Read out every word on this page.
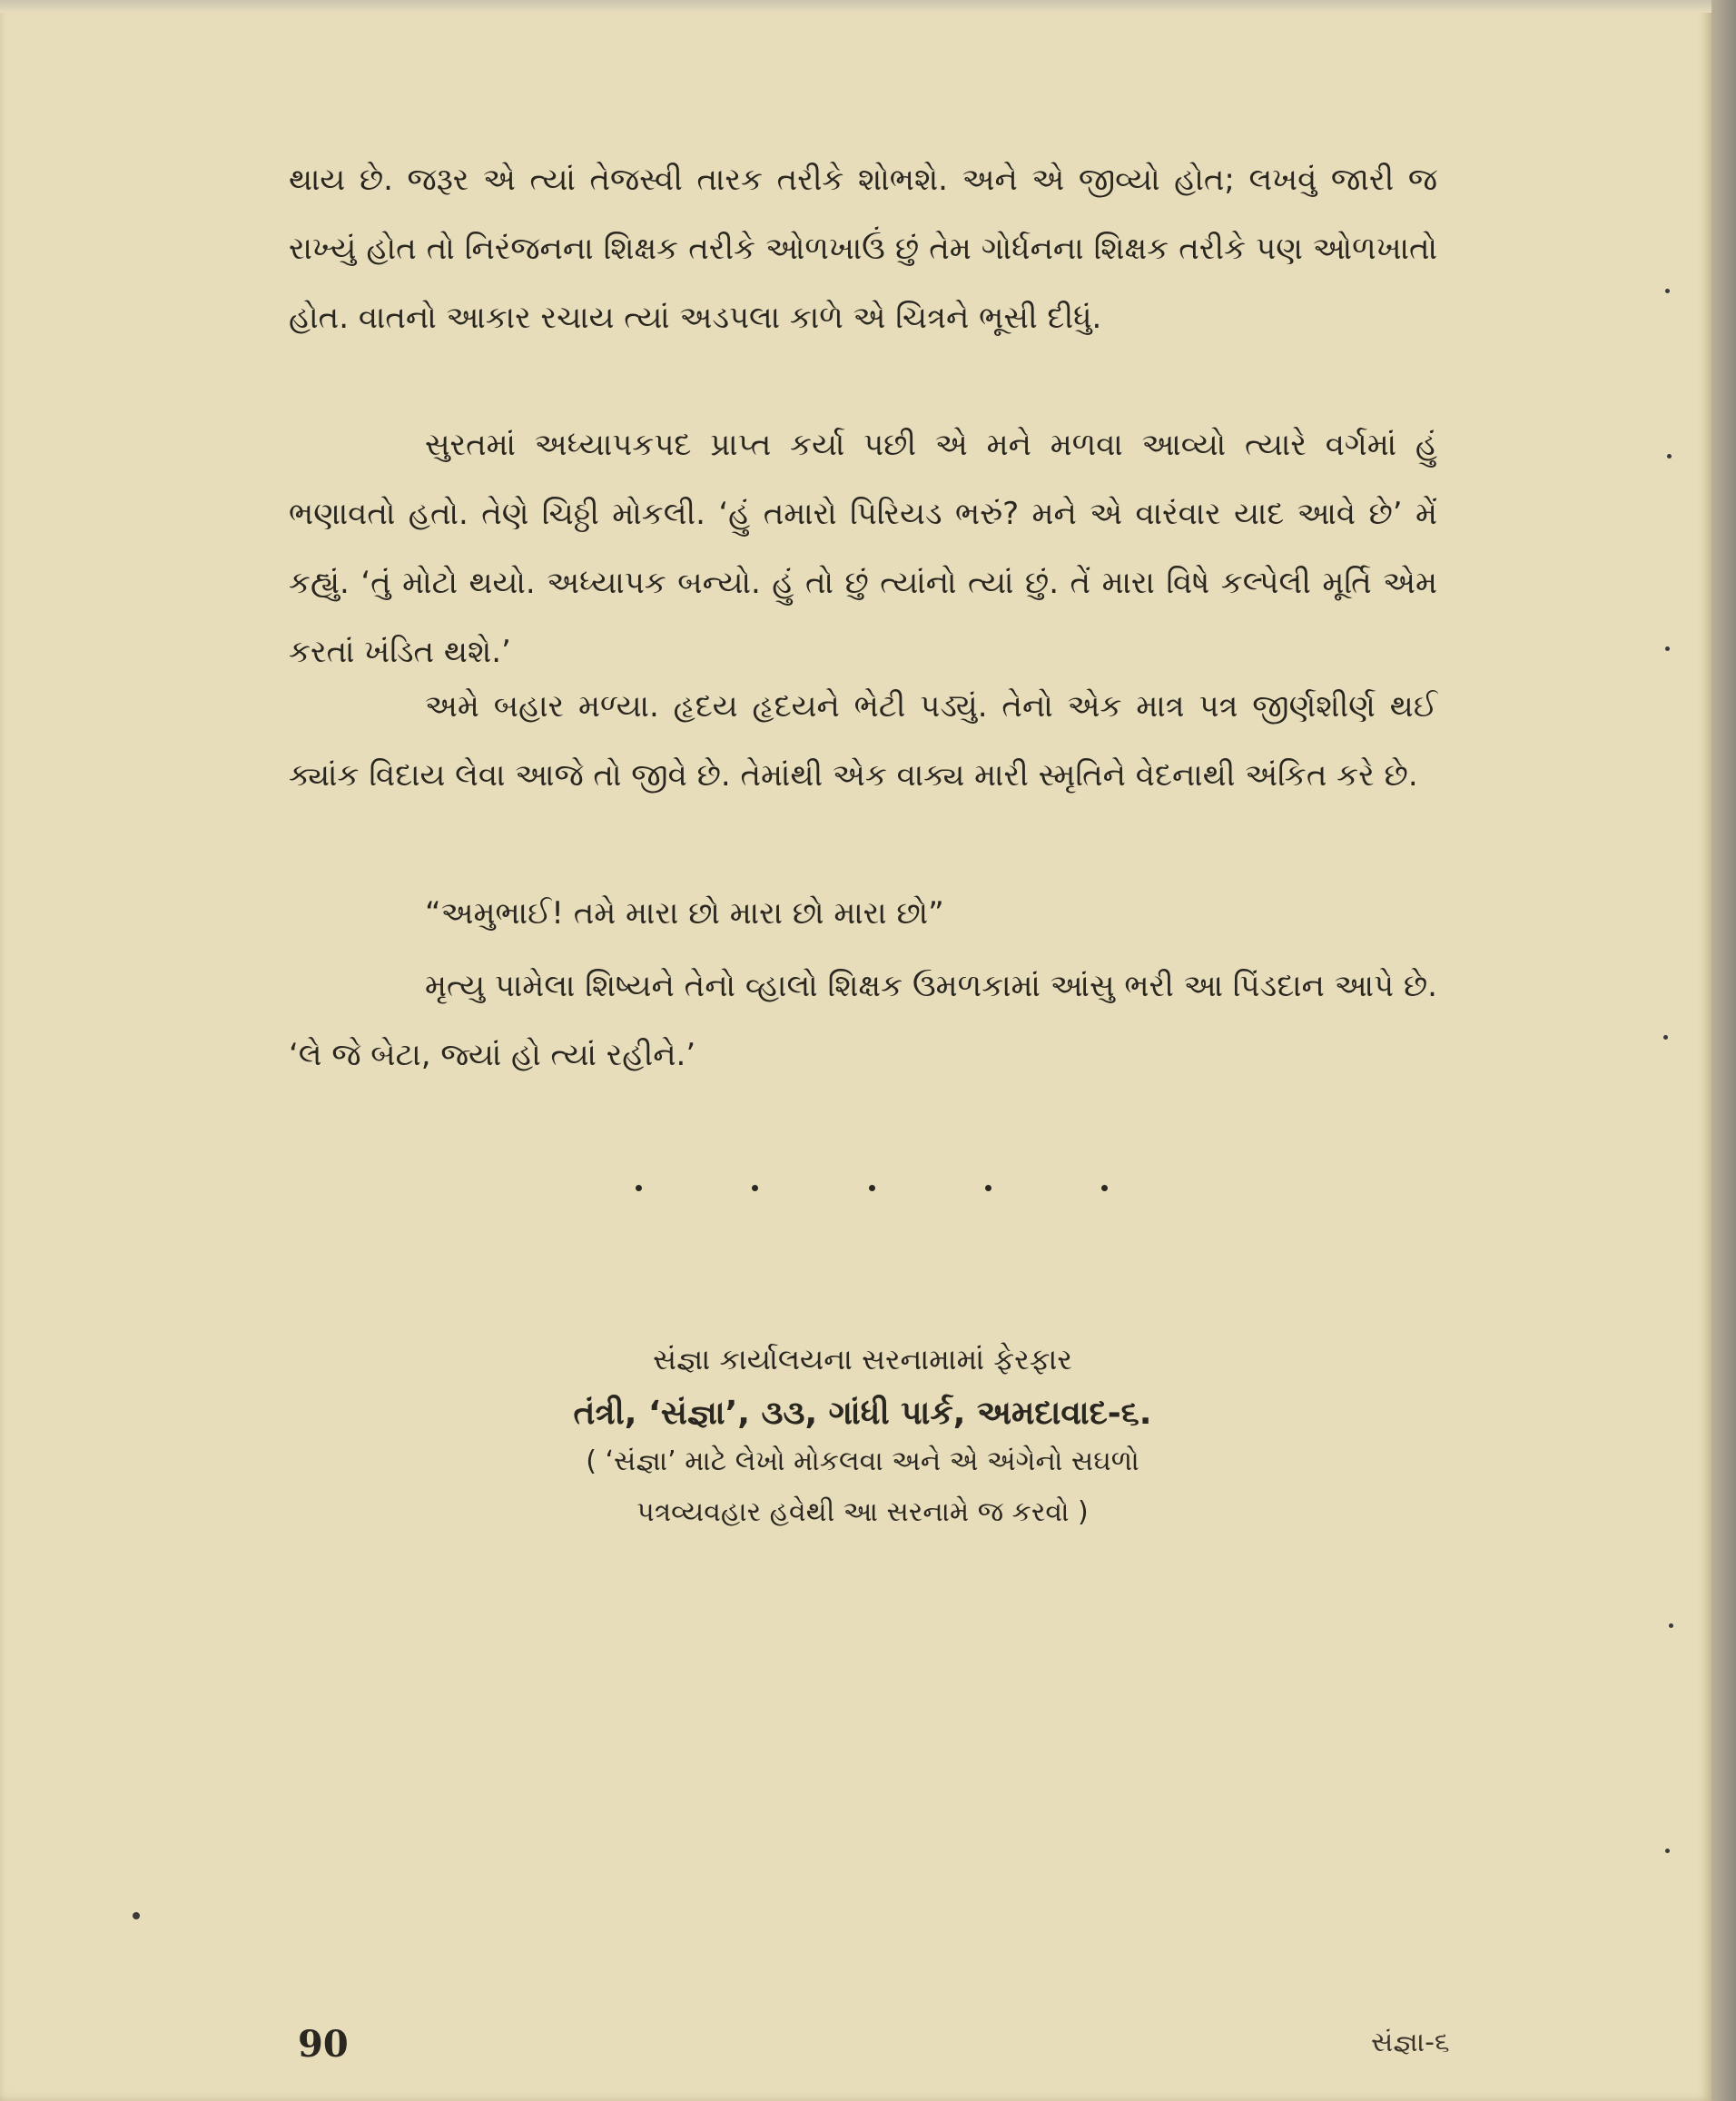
થાય છે. જરૂર એ ત્યાં તેજસ્વી તારક તરીકે શોભશે. અને એ જીવ્યો હોત; લખવું જારી જ રાખ્યું હોત તો નિરંજનના શિક્ષક તરીકે ઓળખાઉં છું તેમ ગોર્ધનના શિક્ષક તરીકે પણ ઓળખાતો હોત. વાતનો આકાર રચાય ત્યાં અડપલા કાળે એ ચિત્રને ભૂસી દીધું.

સુરતમાં અધ્યાપકપદ પ્રાપ્ત કર્યા પછી એ મને મળવા આવ્યો ત્યારે વર્ગમાં હું ભણાવતો હતો. તેણે ચિઠ્ઠી મોકલી. ‘હું તમારો પિરિયડ ભરું? મને એ વારંવાર યાદ આવે છે’ મેં કહ્યું. ‘તું મોટો થયો. અધ્યાપક બન્યો. હું તો છું ત્યાંનો ત્યાં છું. તેં મારા વિષે કલ્પેલી મૂર્તિ એમ કરતાં ખંડિત થશે.’

અમે બહાર મળ્યા. હૃદય હૃદયને ભેટી પડ્યું. તેનો એક માત્ર પત્ર જીર્ણશીર્ણ થઈ ક્યાંક વિદાય લેવા આજે તો જીવે છે. તેમાંથી એક વાક્ય મારી સ્મૃતિને વેદનાથી અંકિત કરે છે.

“અમુભાઈ! તમે મારા છો મારા છો મારા છો”

મૃત્યુ પામેલા શિષ્યને તેનો વ્હાલો શિક્ષક ઉમળકામાં આંસુ ભરી આ પિંડદાન આપે છે. ‘લે જે બેટા, જ્યાં હો ત્યાં રહીને.’

સંજ્ઞા કાર્યાલયના સરનામામાં ફેરફાર
તંત્રી, ‘સંજ્ઞા’, ૩૩, ગાંધી પાર્ક, અમદાવાદ-૬.
( ‘સંજ્ઞા’ માટે લેખો મોકલવા અને એ અંગેનો સઘળો
પત્રવ્યવહાર હવેથી આ સરનામે જ કરવો )
90	સંજ્ઞા-૬
